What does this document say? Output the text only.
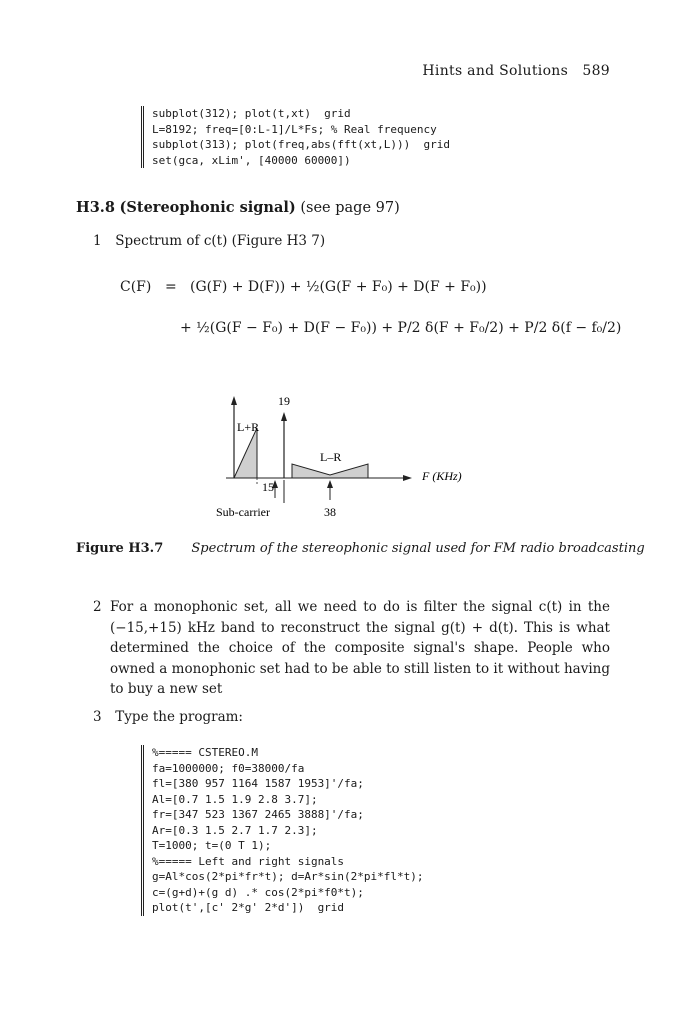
Hints and Solutions 589
subplot(312); plot(t,xt)  grid
L=8192; freq=[0:L-1]/L*Fs; % Real frequency
subplot(313); plot(freq,abs(fft(xt,L)))  grid
set(gca, xLim', [40000 60000])
H3.8 (Stereophonic signal) (see page 97)
1 Spectrum of c(t) (Figure H3 7)
C(F) = (G(F) + D(F)) + ½(G(F + F₀) + D(F + F₀))
+ ½(G(F − F₀) + D(F − F₀)) + P/2 δ(F + F₀/2) + P/2 δ(f − f₀/2)
L+R
19
L–R
F (KHz)
15
Sub-carrier	38
Figure H3.7 Spectrum of the stereophonic signal used for FM radio broadcasting
2 For a monophonic set, all we need to do is filter the signal c(t) in the (−15,+15) kHz band to reconstruct the signal g(t) + d(t). This is what determined the choice of the composite signal's shape. People who owned a monophonic set had to be able to still listen to it without having to buy a new set
3 Type the program:
%===== CSTEREO.M
fa=1000000; f0=38000/fa
fl=[380 957 1164 1587 1953]'/fa;
Al=[0.7 1.5 1.9 2.8 3.7];
fr=[347 523 1367 2465 3888]'/fa;
Ar=[0.3 1.5 2.7 1.7 2.3];
T=1000; t=(0 T 1);
%===== Left and right signals
g=Al*cos(2*pi*fr*t); d=Ar*sin(2*pi*fl*t);
c=(g+d)+(g d) .* cos(2*pi*f0*t);
plot(t',[c' 2*g' 2*d'])  grid
